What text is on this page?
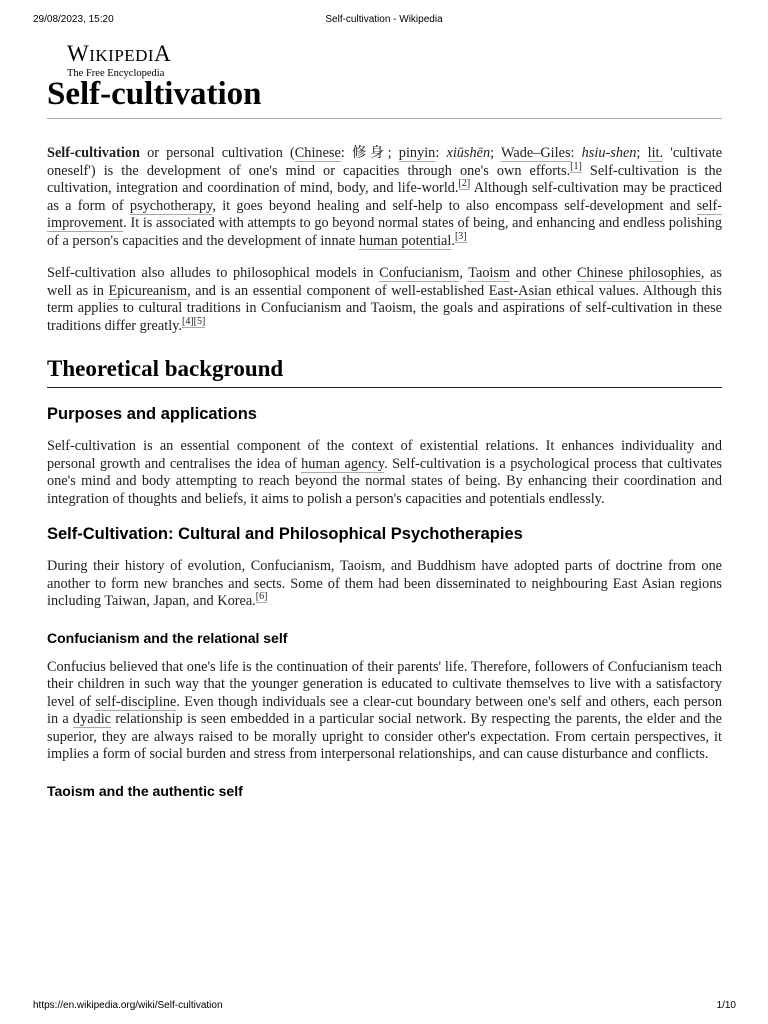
29/08/2023, 15:20	Self-cultivation - Wikipedia
WIKIPEDIA
The Free Encyclopedia
Self-cultivation

Self-cultivation or personal cultivation (Chinese: 修身; pinyin: xiūshēn; Wade–Giles: hsiu-shen; lit. 'cultivate oneself') is the development of one's mind or capacities through one's own efforts.[1] Self-cultivation is the cultivation, integration and coordination of mind, body, and life-world.[2] Although self-cultivation may be practiced as a form of psychotherapy, it goes beyond healing and self-help to also encompass self-development and self-improvement. It is associated with attempts to go beyond normal states of being, and enhancing and endless polishing of a person's capacities and the development of innate human potential.[3]

Self-cultivation also alludes to philosophical models in Confucianism, Taoism and other Chinese philosophies, as well as in Epicureanism, and is an essential component of well-established East-Asian ethical values. Although this term applies to cultural traditions in Confucianism and Taoism, the goals and aspirations of self-cultivation in these traditions differ greatly.[4][5]

Theoretical background
Purposes and applications

Self-cultivation is an essential component of the context of existential relations. It enhances individuality and personal growth and centralises the idea of human agency. Self-cultivation is a psychological process that cultivates one's mind and body attempting to reach beyond the normal states of being. By enhancing their coordination and integration of thoughts and beliefs, it aims to polish a person's capacities and potentials endlessly.

Self-Cultivation: Cultural and Philosophical Psychotherapies

During their history of evolution, Confucianism, Taoism, and Buddhism have adopted parts of doctrine from one another to form new branches and sects. Some of them had been disseminated to neighbouring East Asian regions including Taiwan, Japan, and Korea.[6]

Confucianism and the relational self

Confucius believed that one's life is the continuation of their parents' life. Therefore, followers of Confucianism teach their children in such way that the younger generation is educated to cultivate themselves to live with a satisfactory level of self-discipline. Even though individuals see a clear-cut boundary between one's self and others, each person in a dyadic relationship is seen embedded in a particular social network. By respecting the parents, the elder and the superior, they are always raised to be morally upright to consider other's expectation. From certain perspectives, it implies a form of social burden and stress from interpersonal relationships, and can cause disturbance and conflicts.

Taoism and the authentic self
https://en.wikipedia.org/wiki/Self-cultivation	1/10
